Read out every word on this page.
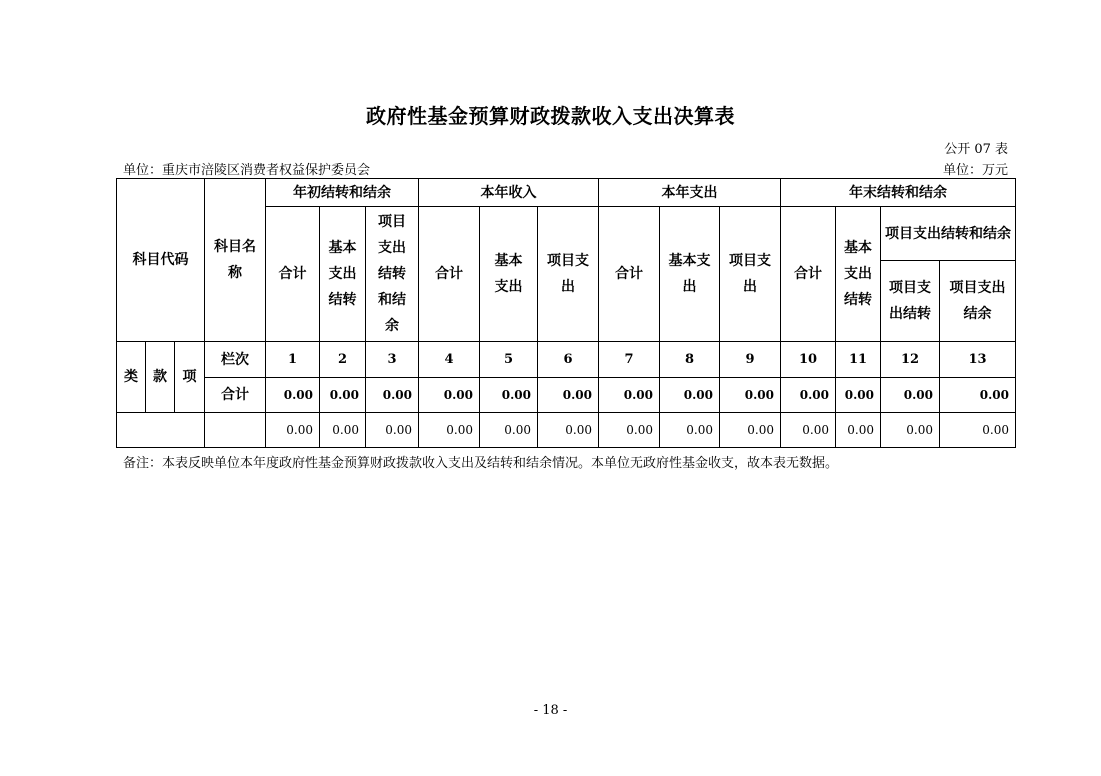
政府性基金预算财政拨款收入支出决算表
公开 07 表
单位：重庆市涪陵区消费者权益保护委员会	单位：万元
科目代码			科目名称	年初结转和结余			本年收入			本年支出			年末结转和结余			
				合计	基本支出结转	项目支出结转和结余	合计	基本支出	项目支出	合计	基本支出	项目支出	合计	基本支出结转	项目支出结转和结余	

															项目支出结转	项目支出结余

类	款	项	栏次	1	2	3	4	5	6	7	8	9	10	11	12	13
			合计	0.00	0.00	0.00	0.00	0.00	0.00	0.00	0.00	0.00	0.00	0.00	0.00	0.00
				0.00	0.00	0.00	0.00	0.00	0.00	0.00	0.00	0.00	0.00	0.00	0.00	0.00
备注：本表反映单位本年度政府性基金预算财政拨款收入支出及结转和结余情况。本单位无政府性基金收支，故本表无数据。
- 18 -
